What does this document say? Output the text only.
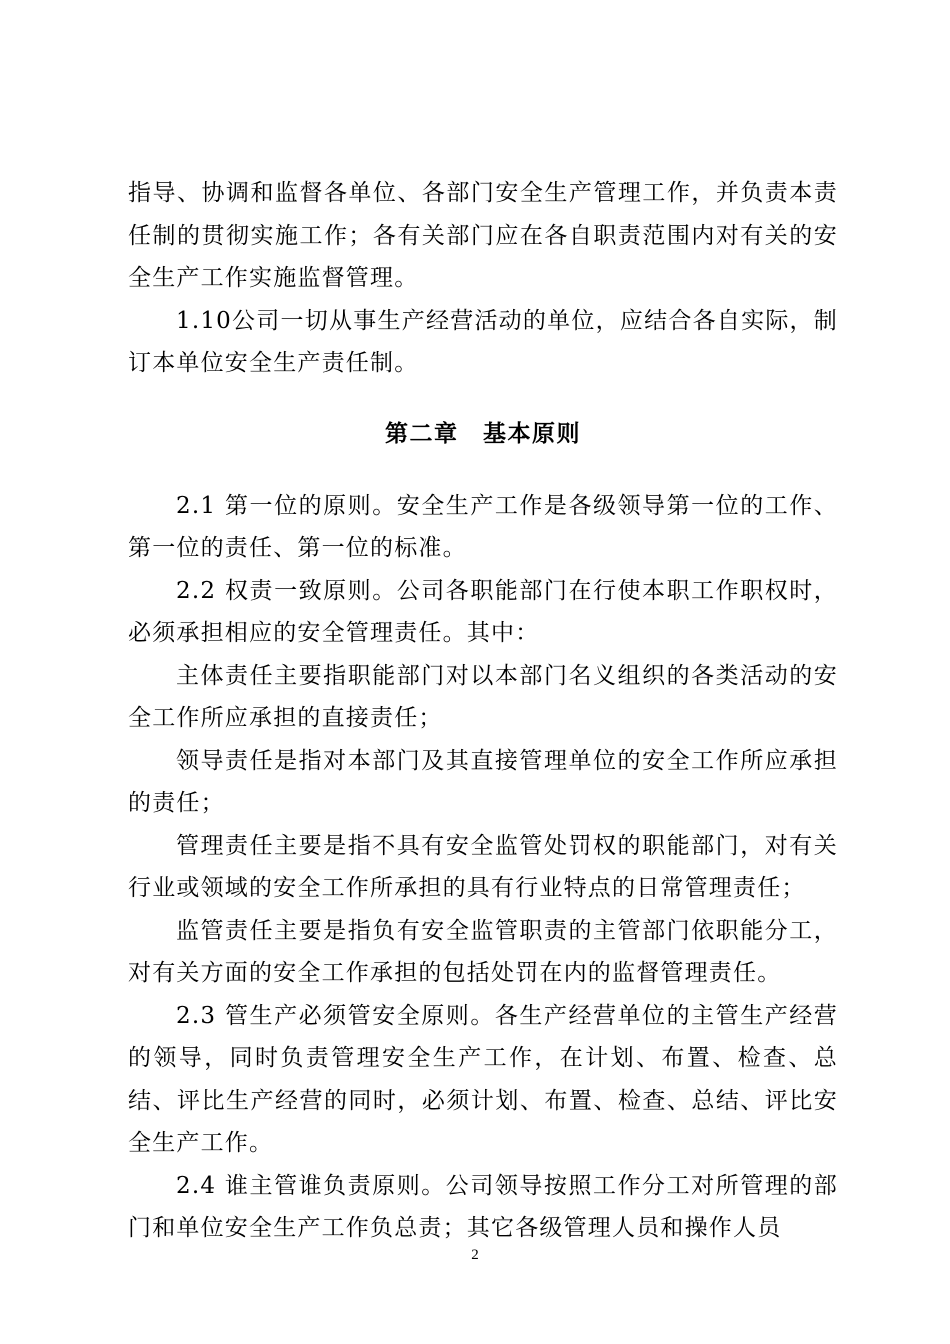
指导、协调和监督各单位、各部门安全生产管理工作，并负责本责任制的贯彻实施工作；各有关部门应在各自职责范围内对有关的安全生产工作实施监督管理。

1.10公司一切从事生产经营活动的单位，应结合各自实际，制订本单位安全生产责任制。

第二章　基本原则

2.1 第一位的原则。安全生产工作是各级领导第一位的工作、第一位的责任、第一位的标准。

2.2 权责一致原则。公司各职能部门在行使本职工作职权时，必须承担相应的安全管理责任。其中：

主体责任主要指职能部门对以本部门名义组织的各类活动的安全工作所应承担的直接责任；

领导责任是指对本部门及其直接管理单位的安全工作所应承担的责任；

管理责任主要是指不具有安全监管处罚权的职能部门，对有关行业或领域的安全工作所承担的具有行业特点的日常管理责任；

监管责任主要是指负有安全监管职责的主管部门依职能分工，对有关方面的安全工作承担的包括处罚在内的监督管理责任。

2.3 管生产必须管安全原则。各生产经营单位的主管生产经营的领导，同时负责管理安全生产工作，在计划、布置、检查、总结、评比生产经营的同时，必须计划、布置、检查、总结、评比安全生产工作。

2.4 谁主管谁负责原则。公司领导按照工作分工对所管理的部门和单位安全生产工作负总责；其它各级管理人员和操作人员

2
